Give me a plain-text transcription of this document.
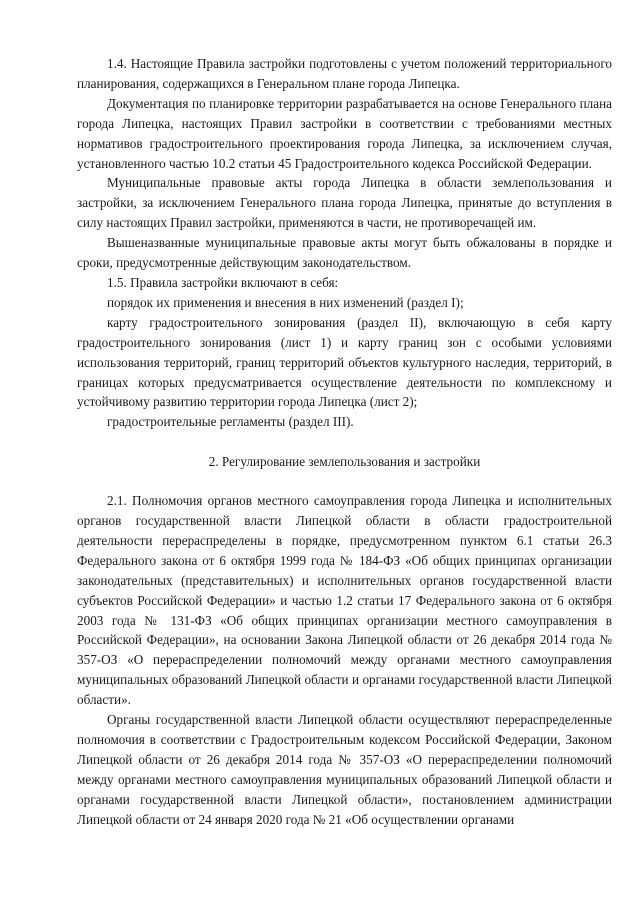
1.4. Настоящие Правила застройки подготовлены с учетом положений территориального планирования, содержащихся в Генеральном плане города Липецка.

Документация по планировке территории разрабатывается на основе Генерального плана города Липецка, настоящих Правил застройки в соответствии с требованиями местных нормативов градостроительного проектирования города Липецка, за исключением случая, установленного частью 10.2 статьи 45 Градостроительного кодекса Российской Федерации.

Муниципальные правовые акты города Липецка в области землепользования и застройки, за исключением Генерального плана города Липецка, принятые до вступления в силу настоящих Правил застройки, применяются в части, не противоречащей им.

Вышеназванные муниципальные правовые акты могут быть обжалованы в порядке и сроки, предусмотренные действующим законодательством.

1.5. Правила застройки включают в себя:

порядок их применения и внесения в них изменений (раздел I);

карту градостроительного зонирования (раздел II), включающую в себя карту градостроительного зонирования (лист 1) и карту границ зон с особыми условиями использования территорий, границ территорий объектов культурного наследия, территорий, в границах которых предусматривается осуществление деятельности по комплексному и устойчивому развитию территории города Липецка (лист 2);

градостроительные регламенты (раздел III).

2. Регулирование землепользования и застройки

2.1. Полномочия органов местного самоуправления города Липецка и исполнительных органов государственной власти Липецкой области в области градостроительной деятельности перераспределены в порядке, предусмотренном пунктом 6.1 статьи 26.3 Федерального закона от 6 октября 1999 года № 184-ФЗ «Об общих принципах организации законодательных (представительных) и исполнительных органов государственной власти субъектов Российской Федерации» и частью 1.2 статьи 17 Федерального закона от 6 октября 2003 года № 131-ФЗ «Об общих принципах организации местного самоуправления в Российской Федерации», на основании Закона Липецкой области от 26 декабря 2014 года № 357-ОЗ «О перераспределении полномочий между органами местного самоуправления муниципальных образований Липецкой области и органами государственной власти Липецкой области».

Органы государственной власти Липецкой области осуществляют перераспределенные полномочия в соответствии с Градостроительным кодексом Российской Федерации, Законом Липецкой области от 26 декабря 2014 года № 357-ОЗ «О перераспределении полномочий между органами местного самоуправления муниципальных образований Липецкой области и органами государственной власти Липецкой области», постановлением администрации Липецкой области от 24 января 2020 года № 21 «Об осуществлении органами
